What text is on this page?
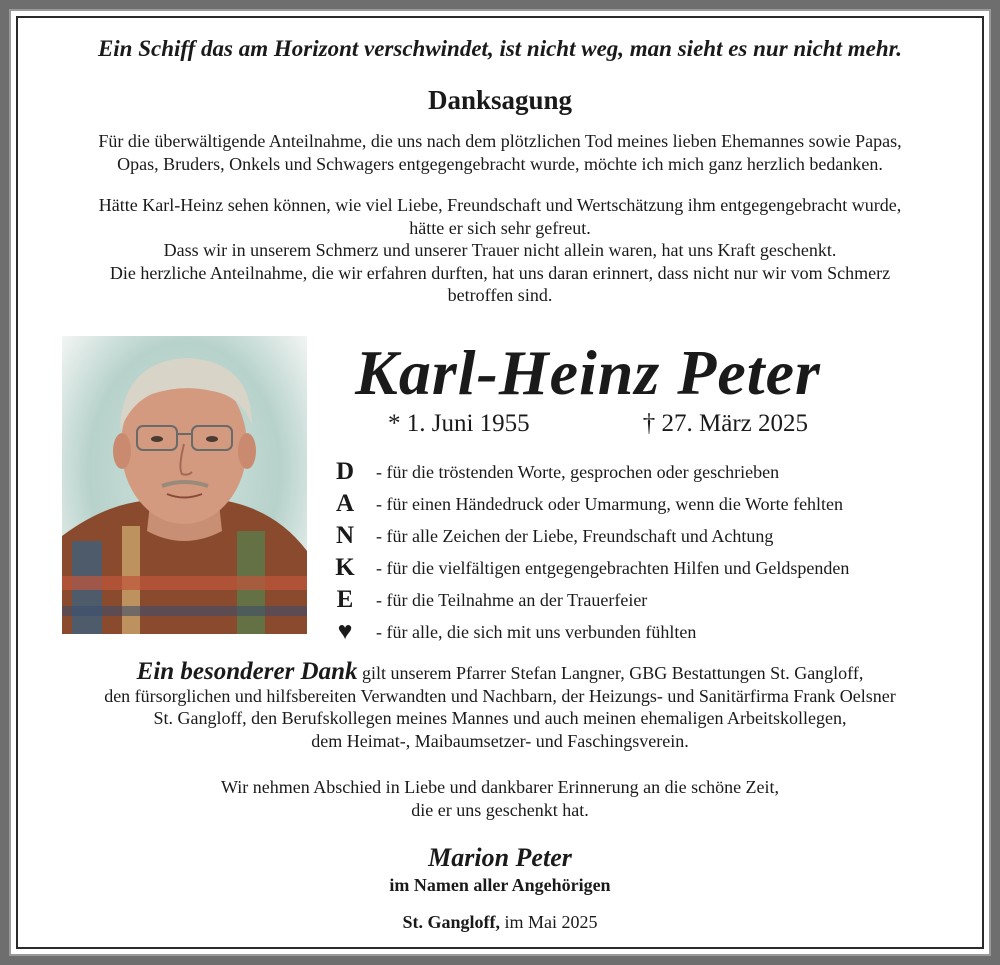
Ein Schiff das am Horizont verschwindet, ist nicht weg, man sieht es nur nicht mehr.
Danksagung
Für die überwältigende Anteilnahme, die uns nach dem plötzlichen Tod meines lieben Ehemannes sowie Papas,
Opas, Bruders, Onkels und Schwagers entgegengebracht wurde, möchte ich mich ganz herzlich bedanken.
Hätte Karl-Heinz sehen können, wie viel Liebe, Freundschaft und Wertschätzung ihm entgegengebracht wurde,
hätte er sich sehr gefreut.
Dass wir in unserem Schmerz und unserer Trauer nicht allein waren, hat uns Kraft geschenkt.
Die herzliche Anteilnahme, die wir erfahren durften, hat uns daran erinnert, dass nicht nur wir vom Schmerz
betroffen sind.
Karl-Heinz Peter
* 1. Juni 1955	† 27. März 2025
D	- für die tröstenden Worte, gesprochen oder geschrieben
A	- für einen Händedruck oder Umarmung, wenn die Worte fehlten
N	- für alle Zeichen der Liebe, Freundschaft und Achtung
K	- für die vielfältigen entgegengebrachten Hilfen und Geldspenden
E	- für die Teilnahme an der Trauerfeier
♥	- für alle, die sich mit uns verbunden fühlten
Ein besonderer Dank gilt unserem Pfarrer Stefan Langner, GBG Bestattungen St. Gangloff,
den fürsorglichen und hilfsbereiten Verwandten und Nachbarn, der Heizungs- und Sanitärfirma Frank Oelsner
St. Gangloff, den Berufskollegen meines Mannes und auch meinen ehemaligen Arbeitskollegen,
dem Heimat-, Maibaumsetzer- und Faschingsverein.
Wir nehmen Abschied in Liebe und dankbarer Erinnerung an die schöne Zeit,
die er uns geschenkt hat.
Marion Peter
im Namen aller Angehörigen
St. Gangloff, im Mai 2025
